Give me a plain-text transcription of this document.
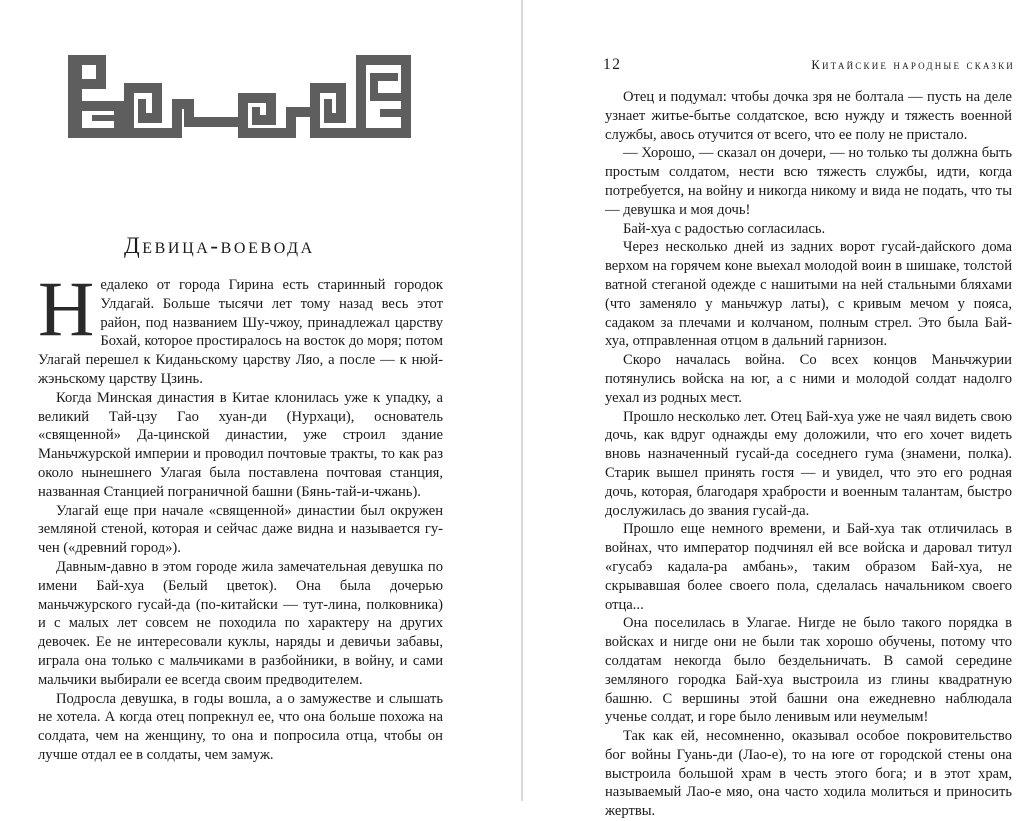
Девица-воевода

Недалеко от города Гирина есть старинный городок Улдагай. Больше тысячи лет тому назад весь этот район, под названием Шу-чжоу, принадлежал царству Бохай, которое простиралось на восток до моря; потом Улагай перешел к Киданьскому царству Ляо, а после — к нюй-жэньскому царству Цзинь.

Когда Минская династия в Китае клонилась уже к упадку, а великий Тай-цзу Гао хуан-ди (Нурхаци), основатель «священной» Да-цинской династии, уже строил здание Маньчжурской империи и проводил почтовые тракты, то как раз около нынешнего Улагая была поставлена почтовая станция, названная Станцией пограничной башни (Бянь-тай-и-чжань).

Улагай еще при начале «священной» династии был окружен земляной стеной, которая и сейчас даже видна и называется гу-чен («древний город»).

Давным-давно в этом городе жила замечательная девушка по имени Бай-хуа (Белый цветок). Она была дочерью маньчжурского гусай-да (по-китайски — тут-лина, полковника) и с малых лет совсем не походила по характеру на других девочек. Ее не интересовали куклы, наряды и девичьи забавы, играла она только с мальчиками в разбойники, в войну, и сами мальчики выбирали ее всегда своим предводителем.

Подросла девушка, в годы вошла, а о замужестве и слышать не хотела. А когда отец попрекнул ее, что она больше похожа на солдата, чем на женщину, то она и попросила отца, чтобы он лучше отдал ее в солдаты, чем замуж.

12	Китайские народные сказки

Отец и подумал: чтобы дочка зря не болтала — пусть на деле узнает житье-бытье солдатское, всю нужду и тяжесть военной службы, авось отучится от всего, что ее полу не пристало.

— Хорошо, — сказал он дочери, — но только ты должна быть простым солдатом, нести всю тяжесть службы, идти, когда потребуется, на войну и никогда никому и вида не подать, что ты — девушка и моя дочь!

Бай-хуа с радостью согласилась.

Через несколько дней из задних ворот гусай-дайского дома верхом на горячем коне выехал молодой воин в шишаке, толстой ватной стеганой одежде с нашитыми на ней стальными бляхами (что заменяло у маньчжур латы), с кривым мечом у пояса, садаком за плечами и колчаном, полным стрел. Это была Бай-хуа, отправленная отцом в дальний гарнизон.

Скоро началась война. Со всех концов Маньчжурии потянулись войска на юг, а с ними и молодой солдат надолго уехал из родных мест.

Прошло несколько лет. Отец Бай-хуа уже не чаял видеть свою дочь, как вдруг однажды ему доложили, что его хочет видеть вновь назначенный гусай-да соседнего гума (знамени, полка). Старик вышел принять гостя — и увидел, что это его родная дочь, которая, благодаря храбрости и военным талантам, быстро дослужилась до звания гусай-да.

Прошло еще немного времени, и Бай-хуа так отличилась в войнах, что император подчинял ей все войска и даровал титул «гусабэ кадала-ра амбань», таким образом Бай-хуа, не скрывавшая более своего пола, сделалась начальником своего отца...

Она поселилась в Улагае. Нигде не было такого порядка в войсках и нигде они не были так хорошо обучены, потому что солдатам некогда было бездельничать. В самой середине земляного городка Бай-хуа выстроила из глины квадратную башню. С вершины этой башни она ежедневно наблюдала ученье солдат, и горе было ленивым или неумелым!

Так как ей, несомненно, оказывал особое покровительство бог войны Гуань-ди (Лао-е), то на юге от городской стены она выстроила большой храм в честь этого бога; и в этот храм, называемый Лао-е мяо, она часто ходила молиться и приносить жертвы.
